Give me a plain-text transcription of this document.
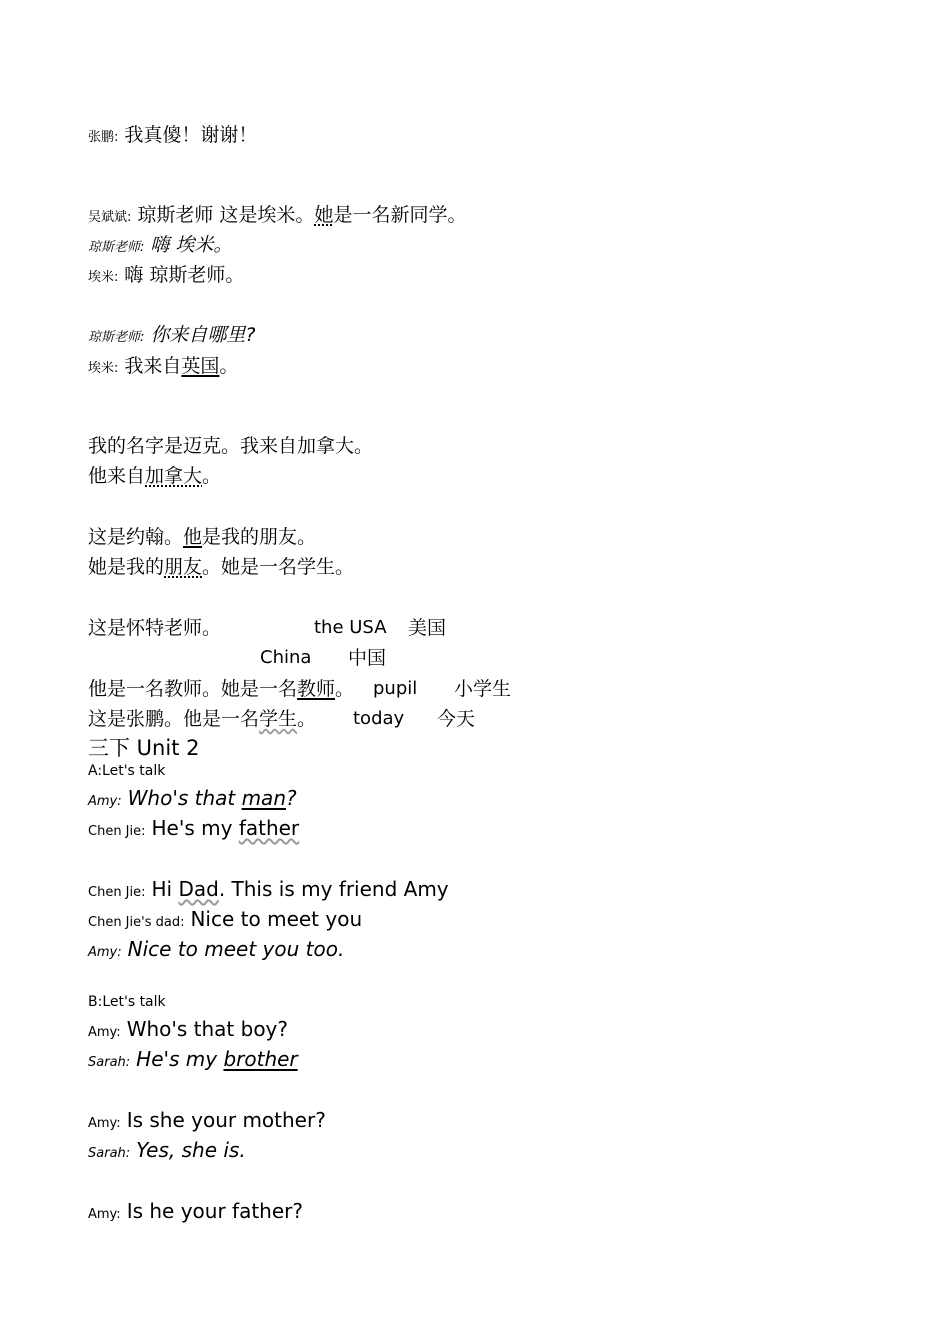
张鹏: 我真傻！谢谢！
吴斌斌: 琼斯老师 这是埃米。她是一名新同学。
琼斯老师: 嗨 埃米。
埃米: 嗨 琼斯老师。
琼斯老师: 你来自哪里?
埃米: 我来自英国。
我的名字是迈克。我来自加拿大。
他来自加拿大。
这是约翰。他是我的朋友。
她是我的朋友。她是一名学生。
这是怀特老师。
他是一名教师。她是一名教师。
这是张鹏。他是一名学生。
the USA 美国
China 中国
pupil 小学生
today 今天
三下 Unit 2
A:Let's talk
Amy: Who's that man?
Chen Jie: He's my father
Chen Jie: Hi Dad. This is my friend Amy
Chen Jie's dad: Nice to meet you
Amy: Nice to meet you too.
B:Let's talk
Amy: Who's that boy?
Sarah: He's my brother
Amy: Is she your mother?
Sarah: Yes, she is.
Amy: Is he your father?
